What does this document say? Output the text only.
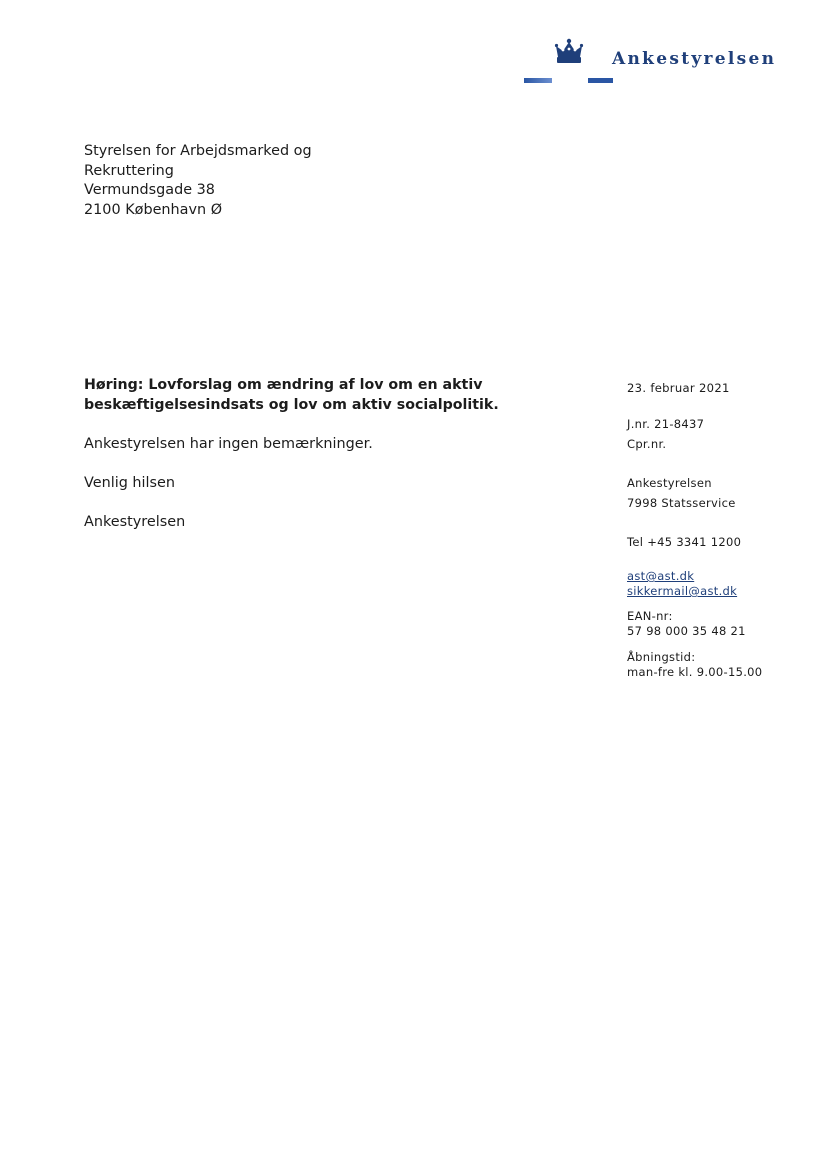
Ankestyrelsen
Styrelsen for Arbejdsmarked og
Rekruttering
Vermundsgade 38
2100 København Ø
Høring: Lovforslag om ændring af lov om en aktiv
beskæftigelsesindsats og lov om aktiv socialpolitik.
Ankestyrelsen har ingen bemærkninger.
Venlig hilsen
Ankestyrelsen
23. februar 2021
J.nr. 21-8437
Cpr.nr.
Ankestyrelsen
7998 Statsservice
Tel +45 3341 1200
ast@ast.dk
sikkermail@ast.dk
EAN-nr:
57 98 000 35 48 21
Åbningstid:
man-fre kl. 9.00-15.00
